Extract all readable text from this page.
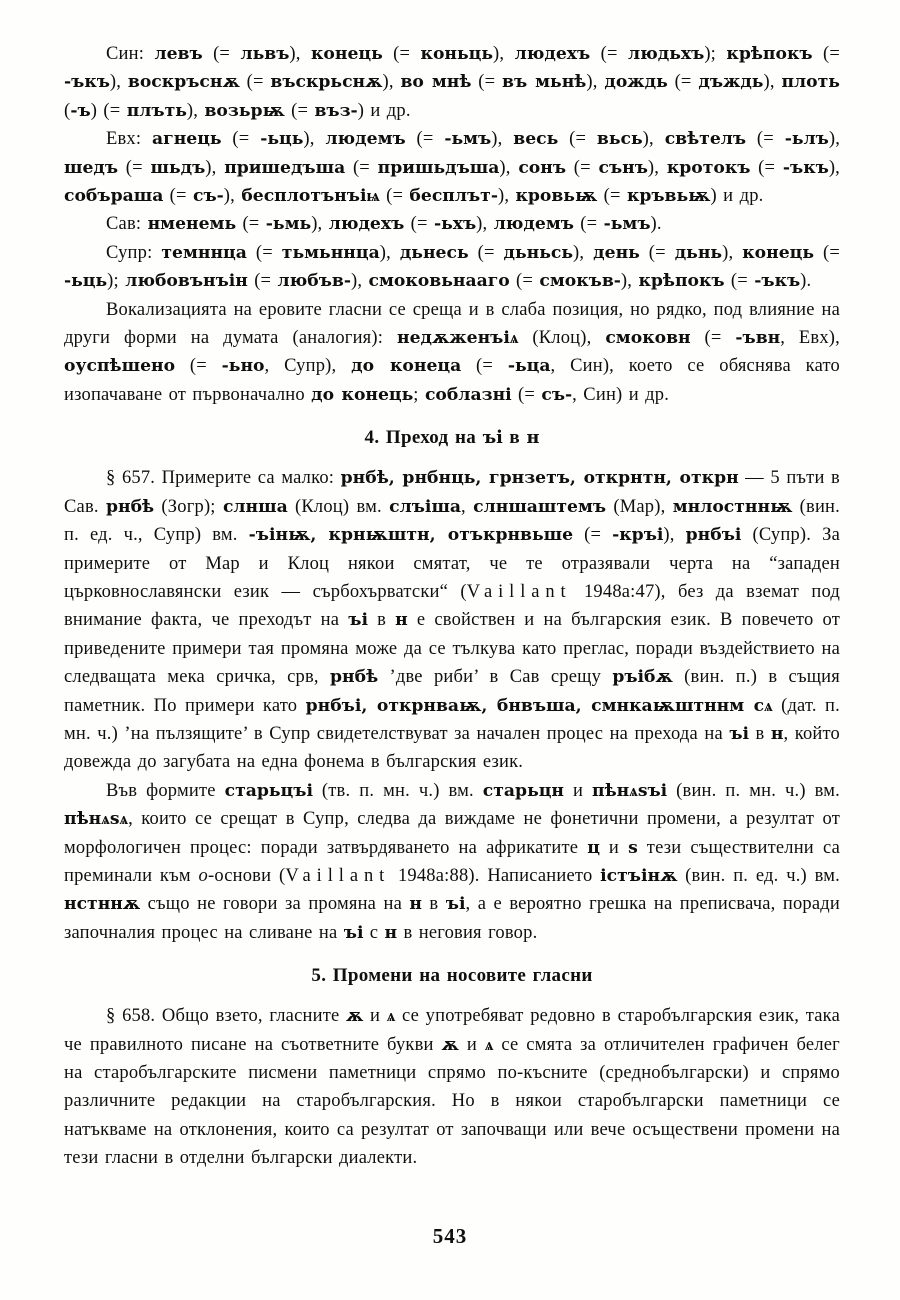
Син: левъ (= львъ), конець (= коньць), людехъ (= людьхъ); крѣпокъ (= -ъкъ), воскръснѫ (= въскрьснѫ), во мнѣ (= въ мьнѣ), дождь (= дъждь), плоть (-ъ) (= плъть), возьрѭ (= въз-) и др.

Евх: агнець (= -ьць), людемъ (= -ьмъ), весь (= вьсь), свѣтелъ (= -ьлъ), шедъ (= шьдъ), пришедъша (= пришьдъша), сонъ (= сънъ), кротокъ (= -ъкъ), собъраша (= съ-), бесплотънъіѩ (= бесплът-), кровьѭ (= кръвьѭ) и др.

Сав: нменемь (= -ьмь), людехъ (= -ьхъ), людемъ (= -ьмъ).

Супр: темннца (= тьмьннца), дьнесь (= дьньсь), день (= дьнь), конець (= -ьць); любовънъін (= любъв-), смоковьнааго (= смокъв-), крѣпокъ (= -ъкъ).

Вокализацията на еровите гласни се среща и в слаба позиция, но рядко, под влияние на други форми на думата (аналогия): недѫженъіѧ (Клоц), смоковн (= -ъвн, Евх), оуспѣшено (= -ьно, Супр), до конеца (= -ьца, Син), което се обяснява като изопачаване от първоначално до конець; соблазні (= съ-, Син) и др.

4. Преход на ъі в н

§ 657. Примерите са малко: рнбѣ, рнбнць, грнзетъ, открнтн, открн — 5 пъти в Сав. рнбѣ (Зогр); слнша (Клоц) вм. слъіша, слншаштемъ (Мар), мнлостннѭ (вин. п. ед. ч., Супр) вм. -ъінѭ, крнѭштн, отъкрнвьше (= -кръі), рнбъі (Супр). За примерите от Мар и Клоц някои смятат, че те отразявали черта на “западен църковнославянски език — сърбохърватски“ (Vaillant 1948а:47), без да вземат под внимание факта, че преходът на ъі в н е свойствен и на българския език. В повечето от приведените примери тая промяна може да се тълкува като преглас, поради въздействието на следващата мека сричка, срв, рнбѣ ’две риби’ в Сав срещу ръібѫ (вин. п.) в същия паметник. По примери като рнбъі, открнваѭ, бнвъша, смнкаѭштннм сѧ (дат. п. мн. ч.) ’на пълзящите’ в Супр свидетелствуват за начален процес на прехода на ъі в н, който довежда до загубата на една фонема в българския език.

Във формите старьцъі (тв. п. мн. ч.) вм. старьцн и пѣнѧѕъі (вин. п. мн. ч.) вм. пѣнѧѕѧ, които се срещат в Супр, следва да виждаме не фонетични промени, а резултат от морфологичен процес: поради затвърдяването на африкатите ц и ѕ тези съществителни са преминали към о-основи (Vaillant 1948а:88). Написанието істъінѫ (вин. п. ед. ч.) вм. нстннѫ също не говори за промяна на н в ъі, а е вероятно грешка на преписвача, поради започналия процес на сливане на ъі с н в неговия говор.

5. Промени на носовите гласни

§ 658. Общо взето, гласните ѫ и ѧ се употребяват редовно в старобългарския език, така че правилното писане на съответните букви ѫ и ѧ се смята за отличителен графичен белег на старобългарските писмени паметници спрямо по-късните (среднобългарски) и спрямо различните редакции на старобългарския. Но в някои старобългарски паметници се натъкваме на отклонения, които са резултат от започващи или вече осъществени промени на тези гласни в отделни български диалекти.

543
